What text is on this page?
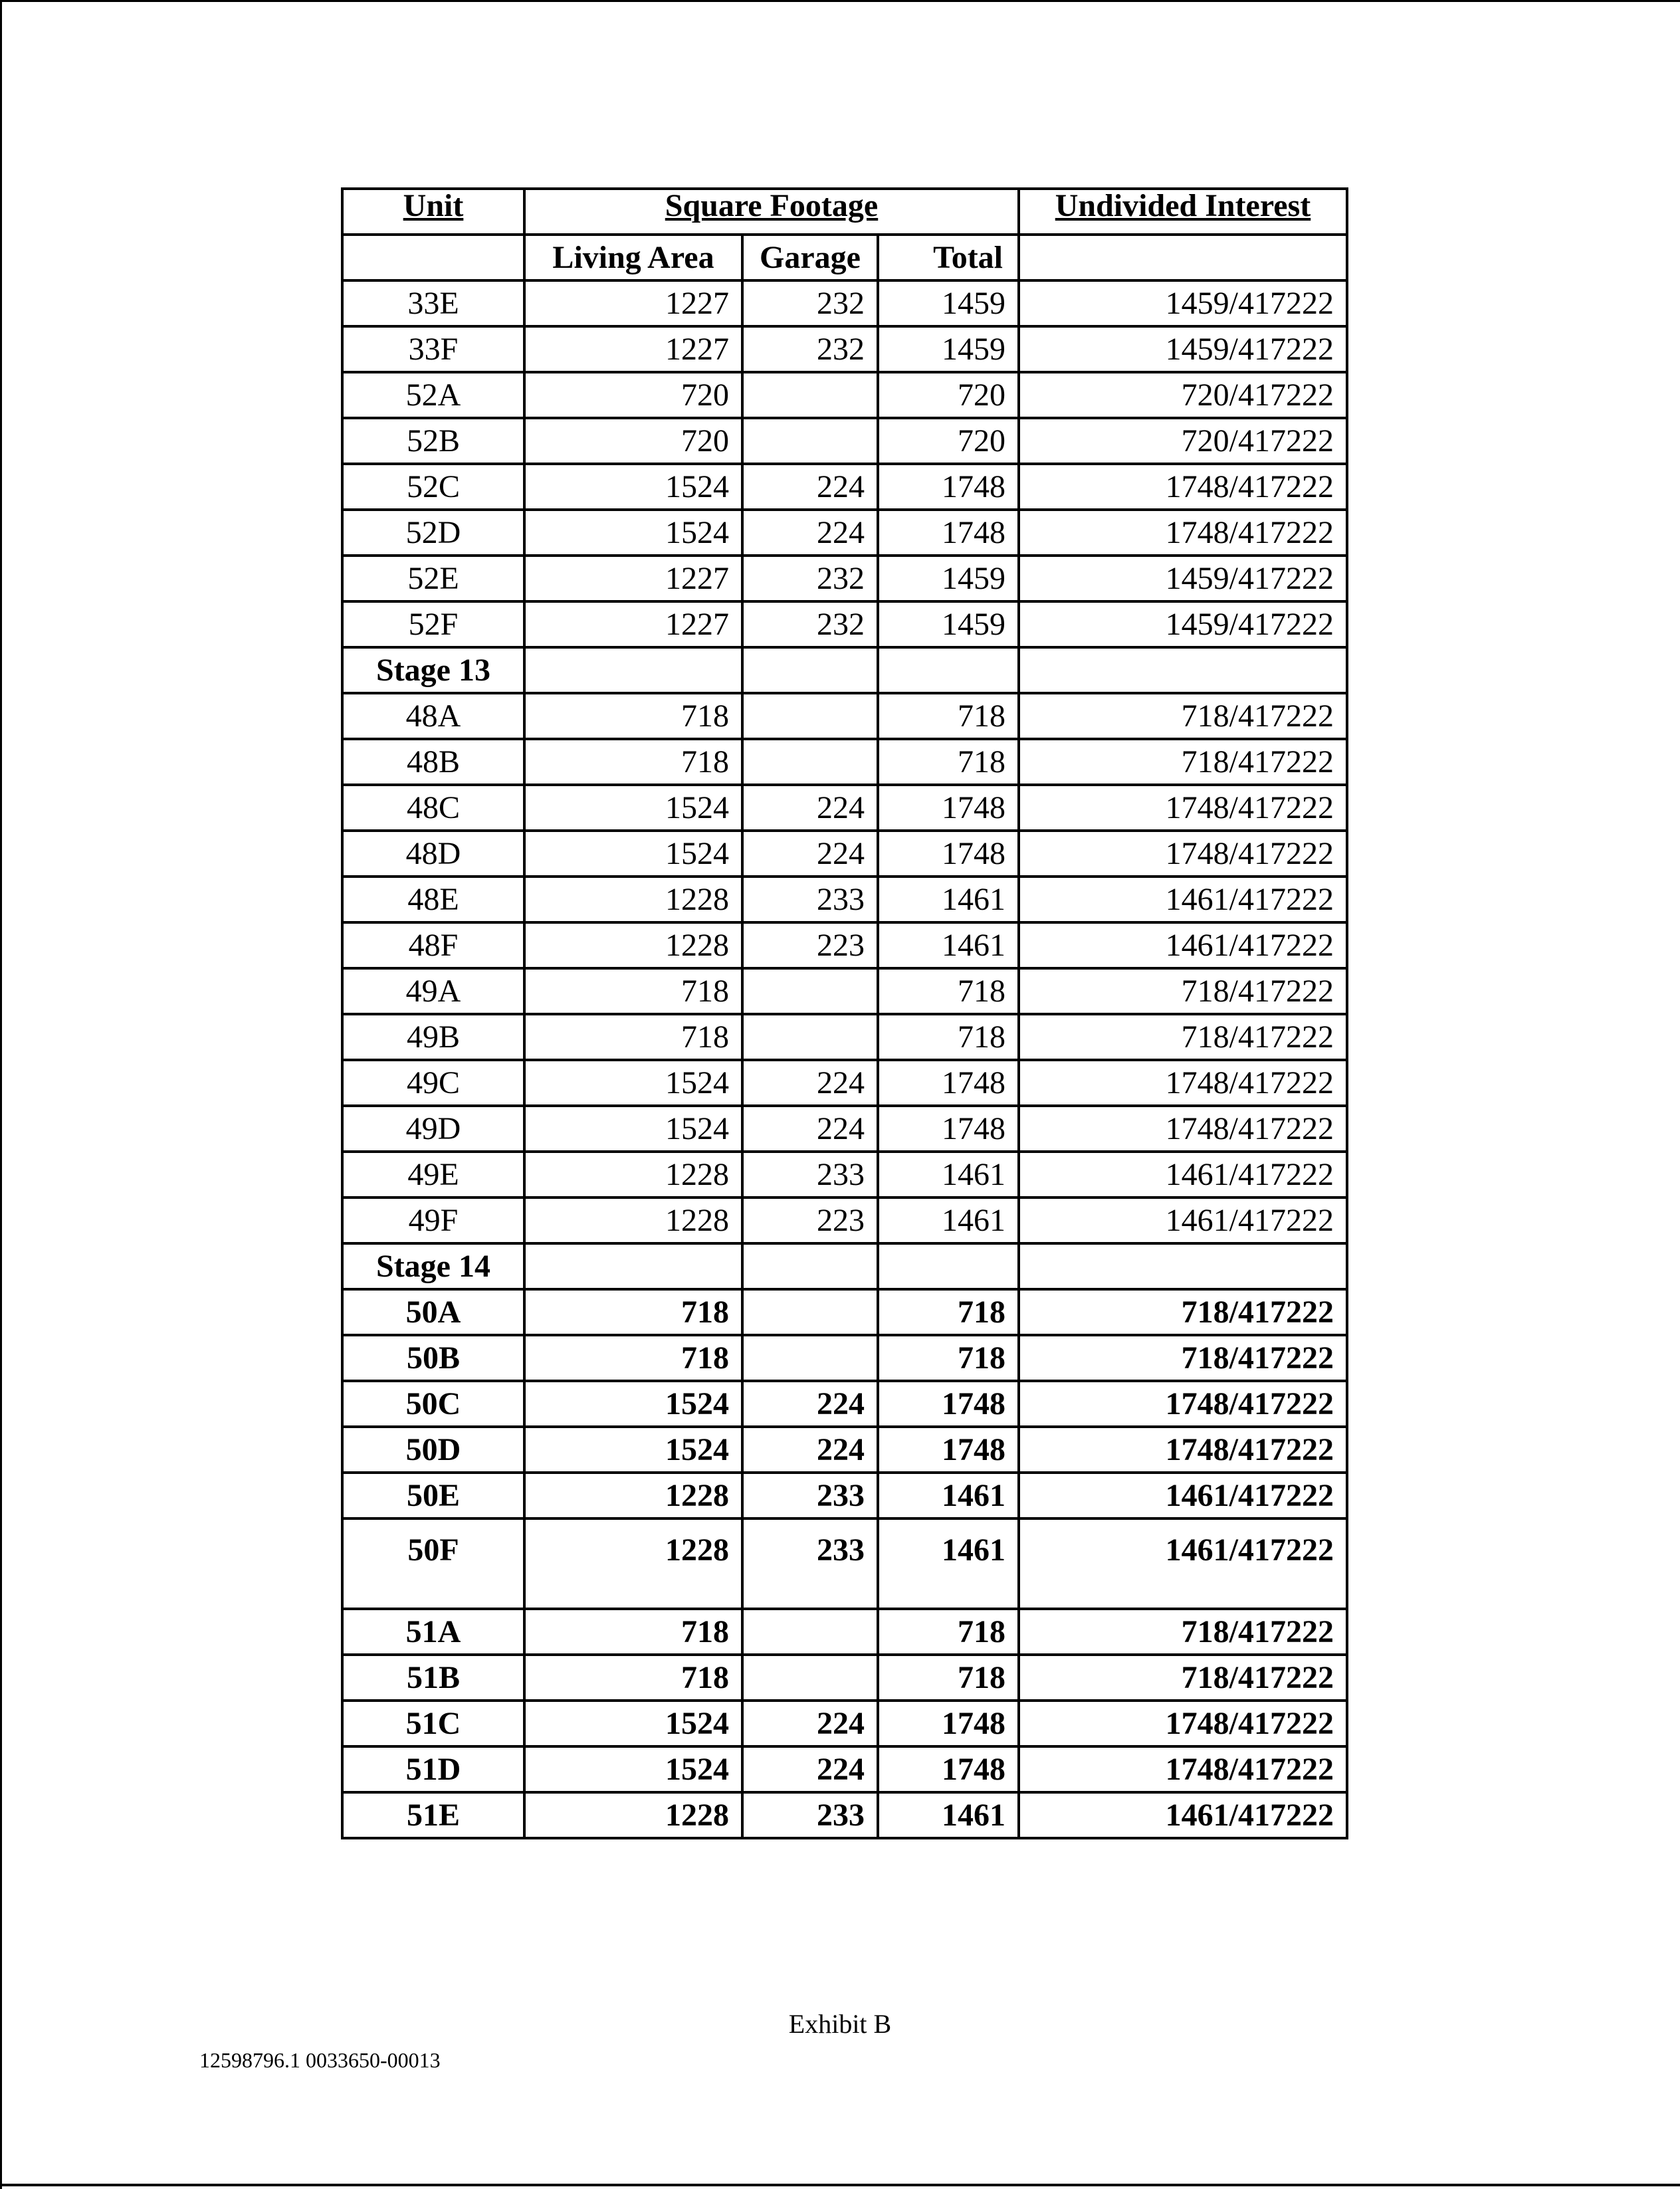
Unit	Square Footage			Undivided Interest
	Living Area	Garage	Total	
33E	1227	232	1459	1459/417222
33F	1227	232	1459	1459/417222
52A	720		720	720/417222
52B	720		720	720/417222
52C	1524	224	1748	1748/417222
52D	1524	224	1748	1748/417222
52E	1227	232	1459	1459/417222
52F	1227	232	1459	1459/417222
Stage 13				
48A	718		718	718/417222
48B	718		718	718/417222
48C	1524	224	1748	1748/417222
48D	1524	224	1748	1748/417222
48E	1228	233	1461	1461/417222
48F	1228	223	1461	1461/417222
49A	718		718	718/417222
49B	718		718	718/417222
49C	1524	224	1748	1748/417222
49D	1524	224	1748	1748/417222
49E	1228	233	1461	1461/417222
49F	1228	223	1461	1461/417222
Stage 14				
50A	718		718	718/417222
50B	718		718	718/417222
50C	1524	224	1748	1748/417222
50D	1524	224	1748	1748/417222
50E	1228	233	1461	1461/417222
50F	1228	233	1461	1461/417222
51A	718		718	718/417222
51B	718		718	718/417222
51C	1524	224	1748	1748/417222
51D	1524	224	1748	1748/417222
51E	1228	233	1461	1461/417222
Exhibit B
12598796.1 0033650-00013
